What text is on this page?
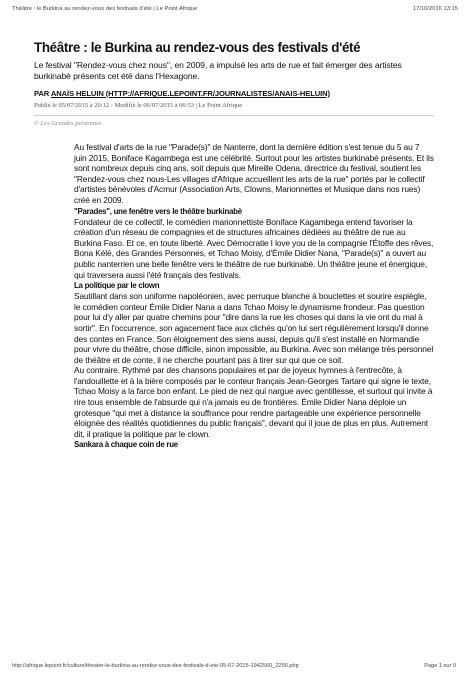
Théâtre : le Burkina au rendez-vous des festivals d'été | Le Point Afrique	17/10/2016 13:15
Théâtre : le Burkina au rendez-vous des festivals d'été

Le festival "Rendez-vous chez nous", en 2009, a impulsé les arts de rue et fait émerger des artistes burkinabè présents cet été dans l'Hexagone.

PAR ANAÏS HELUIN (HTTP://AFRIQUE.LEPOINT.FR/JOURNALISTES/ANAIS-HELUIN)

Publié le 05/07/2015 à 20:12 - Modifié le 06/07/2015 à 06:53 | Le Point Afrique

© Les Grandes personnes

Au festival d'arts de la rue "Parade(s)" de Nanterre, dont la dernière édition s'est tenue du 5 au 7 juin 2015, Boniface Kagambega est une célébrité. Surtout pour les artistes burkinabè présents. Et ils sont nombreux depuis cinq ans, soit depuis que Mireille Odena, directrice du festival, soutient les "Rendez-vous chez nous-Les villages d'Afrique accueillent les arts de la rue" portés par le collectif d'artistes bénévoles d'Acmur (Association Arts, Clowns, Marionnettes et Musique dans nos rues) créé en 2009.

"Parades", une fenêtre vers le théâtre burkinabè

Fondateur de ce collectif, le comédien marionnettiste Boniface Kagambega entend favoriser la création d'un réseau de compagnies et de structures africaines dédiées au théâtre de rue au Burkina Faso. Et ce, en toute liberté. Avec Démocratie I love you de la compagnie l'Étoffe des rêves, Bona Kélé, des Grandes Personnes, et Tchao Moisy, d'Émile Didier Nana, "Parade(s)" a ouvert au public nanterrien une belle fenêtre vers le théâtre de rue burkinabè. Un théâtre jeune et énergique, qui traversera aussi l'été français des festivals.

La politique par le clown

Sautillant dans son uniforme napoléonien, avec perruque blanche à bouclettes et sourire espiègle, le comédien conteur Émile Didier Nana a dans Tchao Moisy le dynamisme frondeur. Pas question pour lui d'y aller par quatre chemins pour "dire dans la rue les choses qui dans la vie ont du mal à sortir". En l'occurrence, son agacement face aux clichés qu'on lui sert régulièrement lorsqu'il donne des contes en France. Son éloignement des siens aussi, depuis qu'il s'est installé en Normandie pour vivre du théâtre, chose difficile, sinon impossible, au Burkina. Avec son mélange très personnel de théâtre et de conte, il ne cherche pourtant pas à tirer sur qui que ce soit.

Au contraire. Rythmé par des chansons populaires et par de joyeux hymnes à l'entrecôte, à l'andouillette et à la bière composés par le conteur français Jean-Georges Tartare qui signe le texte, Tchao Moisy a la farce bon enfant. Le pied de nez qui nargue avec gentillesse, et surtout qui invite à rire tous ensemble de l'absurde qui n'a jamais eu de frontières. Émile Didier Nana déploie un grotesque "qui met à distance la souffrance pour rendre partageable une expérience personnelle éloignée des réalités quotidiennes du public français", devant qui il joue de plus en plus. Autrement dit, il pratique la politique par le clown.

Sankara à chaque coin de rue

http://afrique.lepoint.fr/culture/theatre-le-burkina-au-rendez-vous-des-festivals-d-ete-05-07-2015-1942560_2256.php	Page 1 sur 9
